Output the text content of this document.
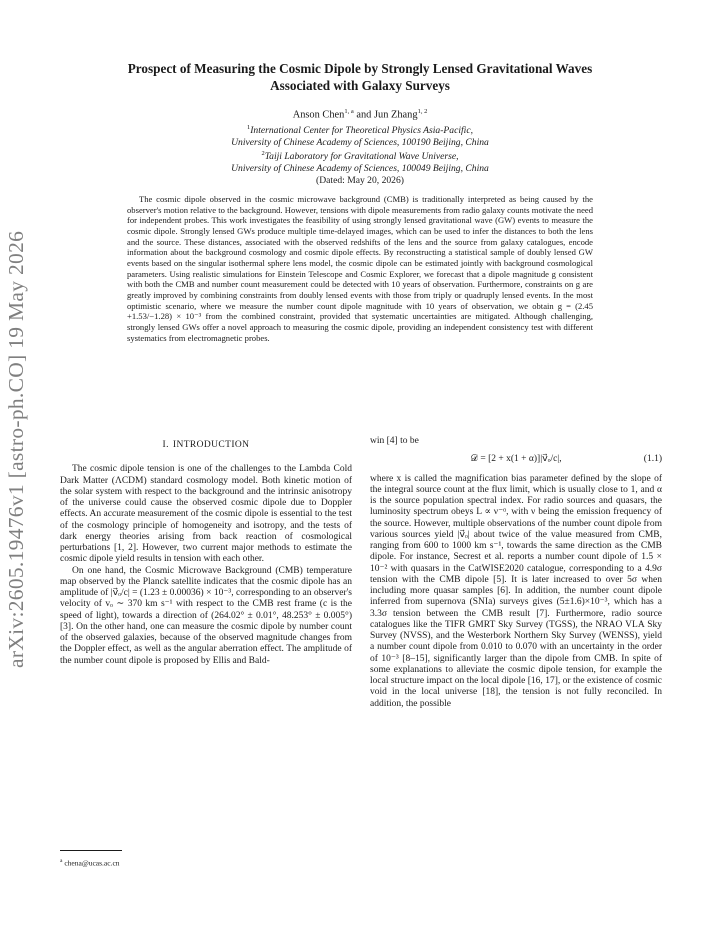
arXiv:2605.19476v1 [astro-ph.CO] 19 May 2026
Prospect of Measuring the Cosmic Dipole by Strongly Lensed Gravitational Waves
Associated with Galaxy Surveys
Anson Chen$^{1, a}$ and Jun Zhang$^{1, 2}$
$^1$International Center for Theoretical Physics Asia-Pacific,
University of Chinese Academy of Sciences, 100190 Beijing, China
$^2$Taiji Laboratory for Gravitational Wave Universe,
University of Chinese Academy of Sciences, 100049 Beijing, China
(Dated: May 20, 2026)

The cosmic dipole observed in the cosmic microwave background (CMB) is traditionally interpreted as being caused by the observer's motion relative to the background. However, tensions with dipole measurements from radio galaxy counts motivate the need for independent probes. This work investigates the feasibility of using strongly lensed gravitational wave (GW) events to measure the cosmic dipole. Strongly lensed GWs produce multiple time-delayed images, which can be used to infer the distances to both the lens and the source. These distances, associated with the observed redshifts of the lens and the source from galaxy catalogues, encode information about the background cosmology and cosmic dipole effects. By reconstructing a statistical sample of doubly lensed GW events based on the singular isothermal sphere lens model, the cosmic dipole can be estimated jointly with background cosmological parameters. Using realistic simulations for Einstein Telescope and Cosmic Explorer, we forecast that a dipole magnitude g consistent with both the CMB and number count measurement could be detected with 10 years of observation. Furthermore, constraints on g are greatly improved by combining constraints from doubly lensed events with those from triply or quadruply lensed events. In the most optimistic scenario, where we measure the number count dipole magnitude with 10 years of observation, we obtain g = (2.45 +1.53/−1.28) × 10⁻³ from the combined constraint, provided that systematic uncertainties are mitigated. Although challenging, strongly lensed GWs offer a novel approach to measuring the cosmic dipole, providing an independent consistency test with different systematics from electromagnetic probes.

I. INTRODUCTION

The cosmic dipole tension is one of the challenges to the Lambda Cold Dark Matter (ΛCDM) standard cosmology model. Both kinetic motion of the solar system with respect to the background and the intrinsic anisotropy of the universe could cause the observed cosmic dipole due to Doppler effects. An accurate measurement of the cosmic dipole is essential to the test of the cosmology principle of homogeneity and isotropy, and the tests of dark energy theories arising from back reaction of cosmological perturbations [1, 2]. However, two current major methods to estimate the cosmic dipole yield results in tension with each other.

On one hand, the Cosmic Microwave Background (CMB) temperature map observed by the Planck satellite indicates that the cosmic dipole has an amplitude of |v⃗ₒ/c| = (1.23 ± 0.00036) × 10⁻³, corresponding to an observer's velocity of vₒ ∼ 370 km s⁻¹ with respect to the CMB rest frame (c is the speed of light), towards a direction of (264.02° ± 0.01°, 48.253° ± 0.005°) [3]. On the other hand, one can measure the cosmic dipole by number count of the observed galaxies, because of the observed magnitude changes from the Doppler effect, as well as the angular aberration effect. The amplitude of the number count dipole is proposed by Ellis and Bald-

win [4] to be

𝒟 = [2 + x(1 + α)]|v⃗ₒ/c|,	(1.1)

where x is called the magnification bias parameter defined by the slope of the integral source count at the flux limit, which is usually close to 1, and α is the source population spectral index. For radio sources and quasars, the luminosity spectrum obeys L ∝ ν⁻ᵅ, with ν being the emission frequency of the source. However, multiple observations of the number count dipole from various sources yield |v⃗ₒ| about twice of the value measured from CMB, ranging from 600 to 1000 km s⁻¹, towards the same direction as the CMB dipole. For instance, Secrest et al. reports a number count dipole of 1.5 × 10⁻² with quasars in the CatWISE2020 catalogue, corresponding to a 4.9σ tension with the CMB dipole [5]. It is later increased to over 5σ when including more quasar samples [6]. In addition, the number count dipole inferred from supernova (SNIa) surveys gives (5±1.6)×10⁻³, which has a 3.3σ tension between the CMB result [7]. Furthermore, radio source catalogues like the TIFR GMRT Sky Survey (TGSS), the NRAO VLA Sky Survey (NVSS), and the Westerbork Northern Sky Survey (WENSS), yield a number count dipole from 0.010 to 0.070 with an uncertainty in the order of 10⁻³ [8–15], significantly larger than the dipole from CMB. In spite of some explanations to alleviate the cosmic dipole tension, for example the local structure impact on the local dipole [16, 17], or the existence of cosmic void in the local universe [18], the tension is not fully reconciled. In addition, the possible

$^a$ chena@ucas.ac.cn
